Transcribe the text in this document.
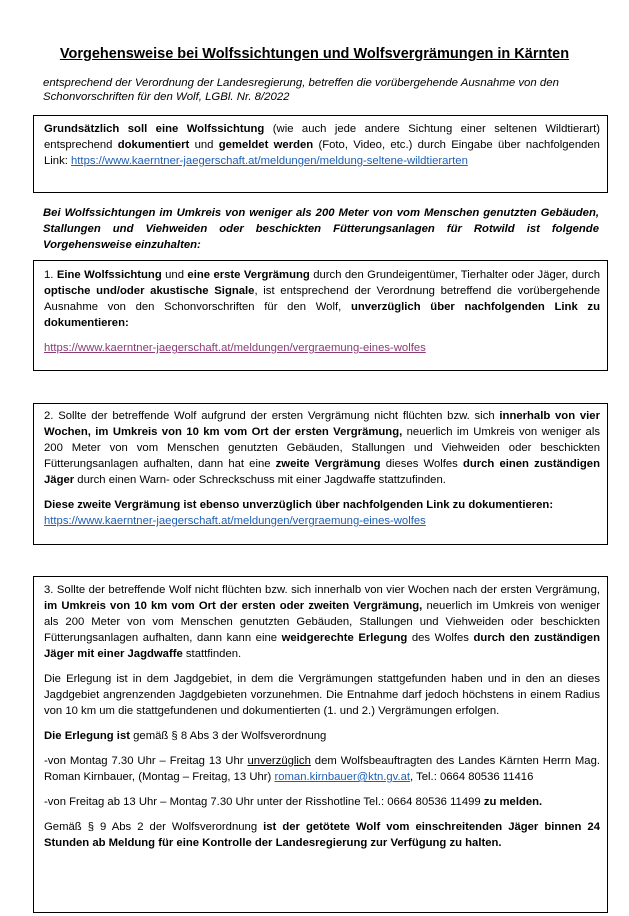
Vorgehensweise bei Wolfssichtungen und Wolfsvergrämungen in Kärnten
entsprechend der Verordnung der Landesregierung, betreffen die vorübergehende Ausnahme von den Schonvorschriften für den Wolf, LGBl. Nr. 8/2022

Grundsätzlich soll eine Wolfssichtung (wie auch jede andere Sichtung einer seltenen Wildtierart) entsprechend dokumentiert und gemeldet werden (Foto, Video, etc.) durch Eingabe über nachfolgenden Link: https://www.kaerntner-jaegerschaft.at/meldungen/meldung-seltene-wildtierarten

Bei Wolfssichtungen im Umkreis von weniger als 200 Meter von vom Menschen genutzten Gebäuden, Stallungen und Viehweiden oder beschickten Fütterungsanlagen für Rotwild ist folgende Vorgehensweise einzuhalten:

1. Eine Wolfssichtung und eine erste Vergrämung durch den Grundeigentümer, Tierhalter oder Jäger, durch optische und/oder akustische Signale, ist entsprechend der Verordnung betreffend die vorübergehende Ausnahme von den Schonvorschriften für den Wolf, unverzüglich über nachfolgenden Link zu dokumentieren:

https://www.kaerntner-jaegerschaft.at/meldungen/vergraemung-eines-wolfes

2. Sollte der betreffende Wolf aufgrund der ersten Vergrämung nicht flüchten bzw. sich innerhalb von vier Wochen, im Umkreis von 10 km vom Ort der ersten Vergrämung, neuerlich im Umkreis von weniger als 200 Meter von vom Menschen genutzten Gebäuden, Stallungen und Viehweiden oder beschickten Fütterungsanlagen aufhalten, dann hat eine zweite Vergrämung dieses Wolfes durch einen zuständigen Jäger durch einen Warn- oder Schreckschuss mit einer Jagdwaffe stattzufinden.

Diese zweite Vergrämung ist ebenso unverzüglich über nachfolgenden Link zu dokumentieren:
https://www.kaerntner-jaegerschaft.at/meldungen/vergraemung-eines-wolfes

3. Sollte der betreffende Wolf nicht flüchten bzw. sich innerhalb von vier Wochen nach der ersten Vergrämung, im Umkreis von 10 km vom Ort der ersten oder zweiten Vergrämung, neuerlich im Umkreis von weniger als 200 Meter von vom Menschen genutzten Gebäuden, Stallungen und Viehweiden oder beschickten Fütterungsanlagen aufhalten, dann kann eine weidgerechte Erlegung des Wolfes durch den zuständigen Jäger mit einer Jagdwaffe stattfinden.

Die Erlegung ist in dem Jagdgebiet, in dem die Vergrämungen stattgefunden haben und in den an dieses Jagdgebiet angrenzenden Jagdgebieten vorzunehmen. Die Entnahme darf jedoch höchstens in einem Radius von 10 km um die stattgefundenen und dokumentierten (1. und 2.) Vergrämungen erfolgen.

Die Erlegung ist gemäß § 8 Abs 3 der Wolfsverordnung

-von Montag 7.30 Uhr – Freitag 13 Uhr unverzüglich dem Wolfsbeauftragten des Landes Kärnten Herrn Mag. Roman Kirnbauer, (Montag – Freitag, 13 Uhr) roman.kirnbauer@ktn.gv.at, Tel.: 0664 80536 11416

-von Freitag ab 13 Uhr – Montag 7.30 Uhr unter der Risshotline Tel.: 0664 80536 11499 zu melden.

Gemäß § 9 Abs 2 der Wolfsverordnung ist der getötete Wolf vom einschreitenden Jäger binnen 24 Stunden ab Meldung für eine Kontrolle der Landesregierung zur Verfügung zu halten.
